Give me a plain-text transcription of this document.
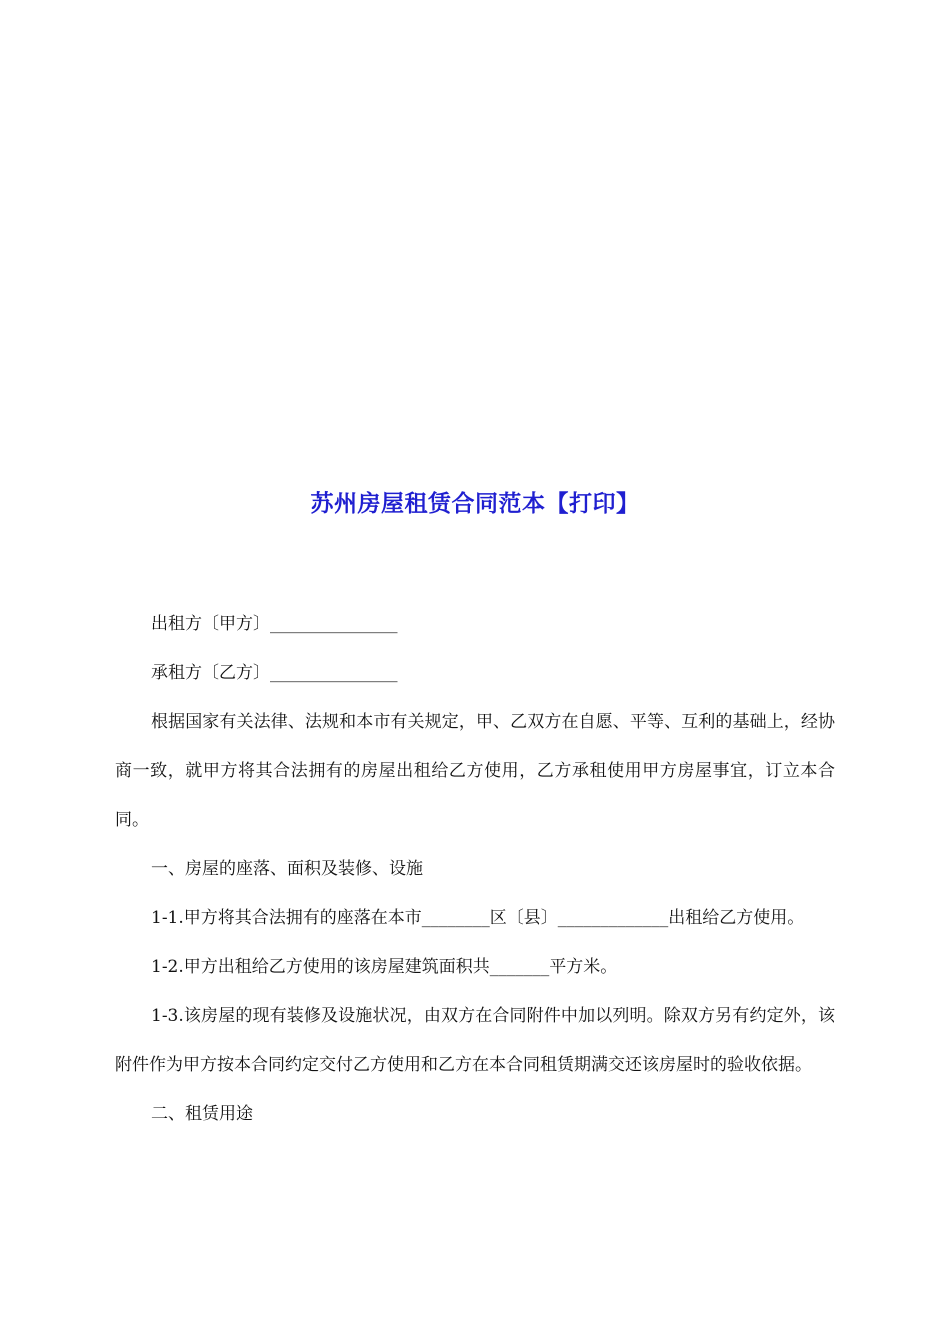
苏州房屋租赁合同范本【打印】

出租方〔甲方〕_______________

承租方〔乙方〕_______________

根据国家有关法律、法规和本市有关规定，甲、乙双方在自愿、平等、互利的基础上，经协商一致，就甲方将其合法拥有的房屋出租给乙方使用，乙方承租使用甲方房屋事宜，订立本合同。

一、房屋的座落、面积及装修、设施

1-1.甲方将其合法拥有的座落在本市________区〔县〕_____________出租给乙方使用。

1-2.甲方出租给乙方使用的该房屋建筑面积共_______平方米。

1-3.该房屋的现有装修及设施状况，由双方在合同附件中加以列明。除双方另有约定外，该附件作为甲方按本合同约定交付乙方使用和乙方在本合同租赁期满交还该房屋时的验收依据。

二、租赁用途
